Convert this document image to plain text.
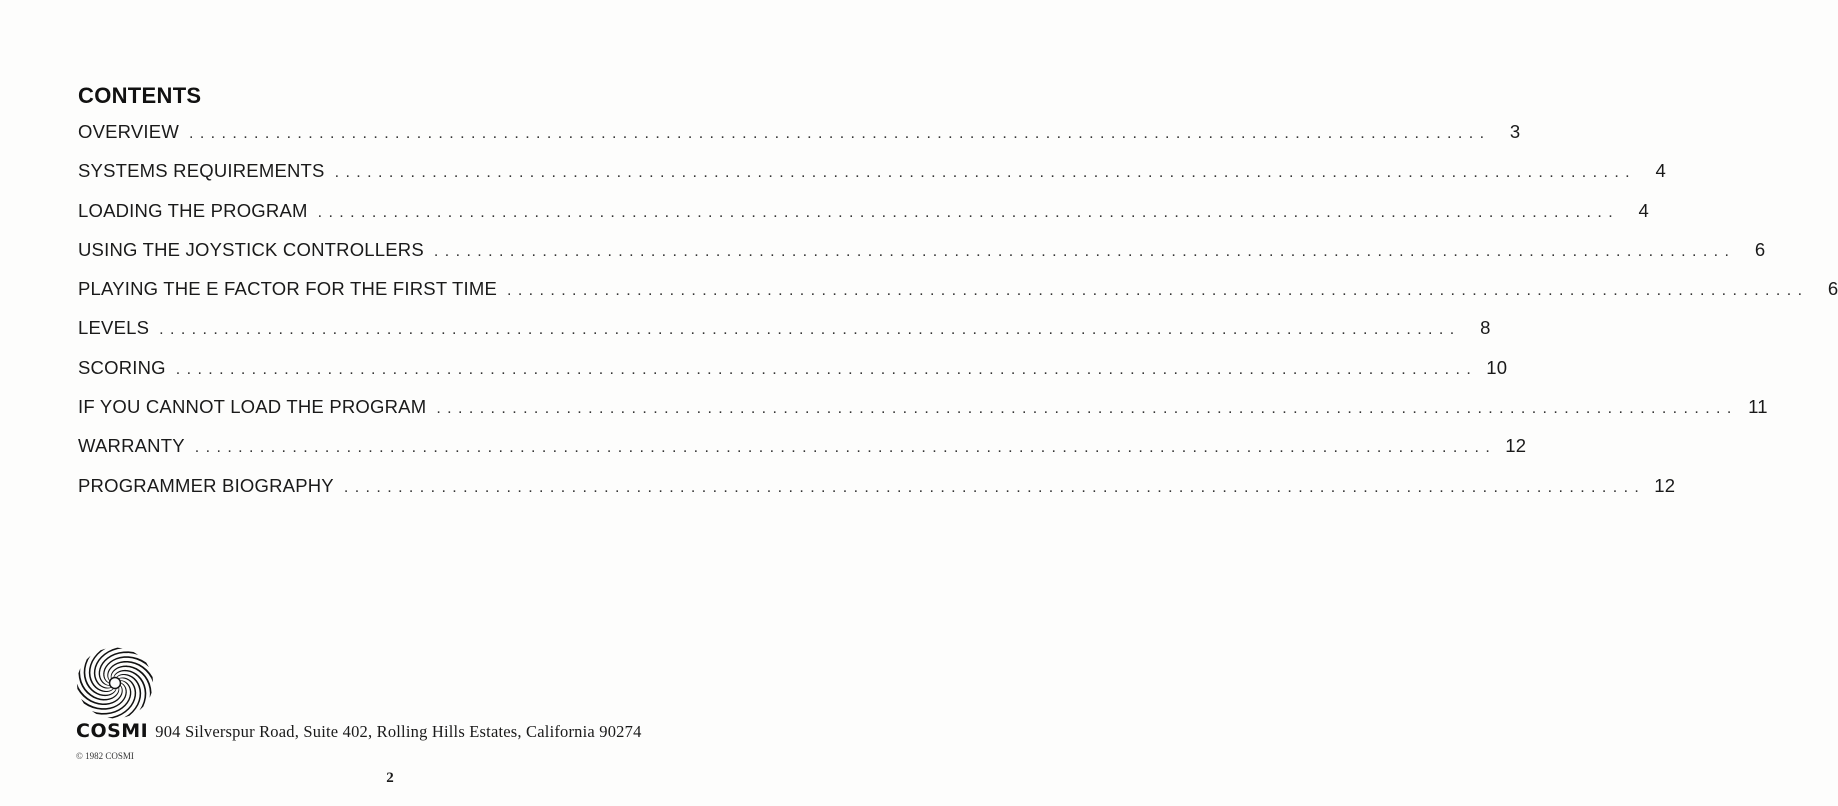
CONTENTS
OVERVIEW ........................................................................................................................	3
SYSTEMS REQUIREMENTS ........................................................................................................................	4
LOADING THE PROGRAM ........................................................................................................................	4
USING THE JOYSTICK CONTROLLERS ........................................................................................................................	6
PLAYING THE E FACTOR FOR THE FIRST TIME ........................................................................................................................	6
LEVELS ........................................................................................................................	8
SCORING ........................................................................................................................ 10
IF YOU CANNOT LOAD THE PROGRAM ........................................................................................................................ 11
WARRANTY ........................................................................................................................ 12
PROGRAMMER BIOGRAPHY ........................................................................................................................ 12
COSMI 904 Silverspur Road, Suite 402, Rolling Hills Estates, California 90274
© 1982 COSMI
2
